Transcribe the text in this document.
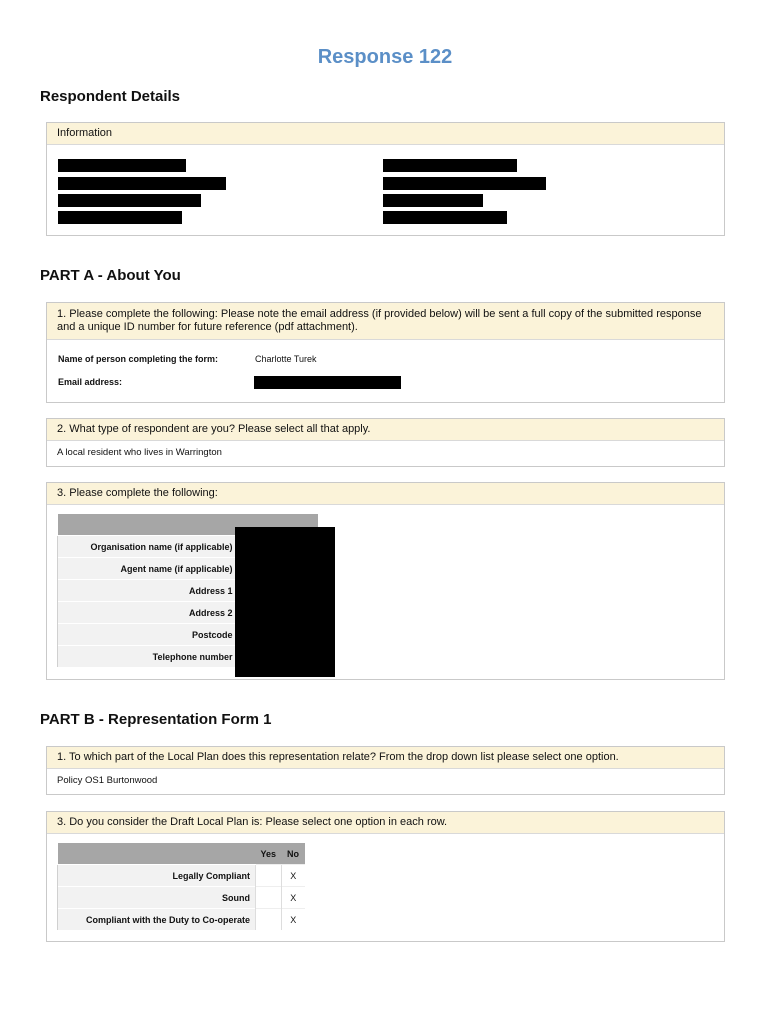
Response 122
Respondent Details
Information
PART A - About You
1. Please complete the following: Please note the email address (if provided below) will be sent a full copy of the submitted response and a unique ID number for future reference (pdf attachment).
Name of person completing the form:	Charlotte Turek
Email address:
2. What type of respondent are you? Please select all that apply.
A local resident who lives in Warrington
3. Please complete the following:

Organisation name (if applicable)	
Agent name (if applicable)	
Address 1	
Address 2	
Postcode	
Telephone number	
PART B - Representation Form 1
1. To which part of the Local Plan does this representation relate? From the drop down list please select one option.
Policy OS1 Burtonwood
3. Do you consider the Draft Local Plan is: Please select one option in each row.
	Yes	No
Legally Compliant		X
Sound		X
Compliant with the Duty to Co-operate		X
